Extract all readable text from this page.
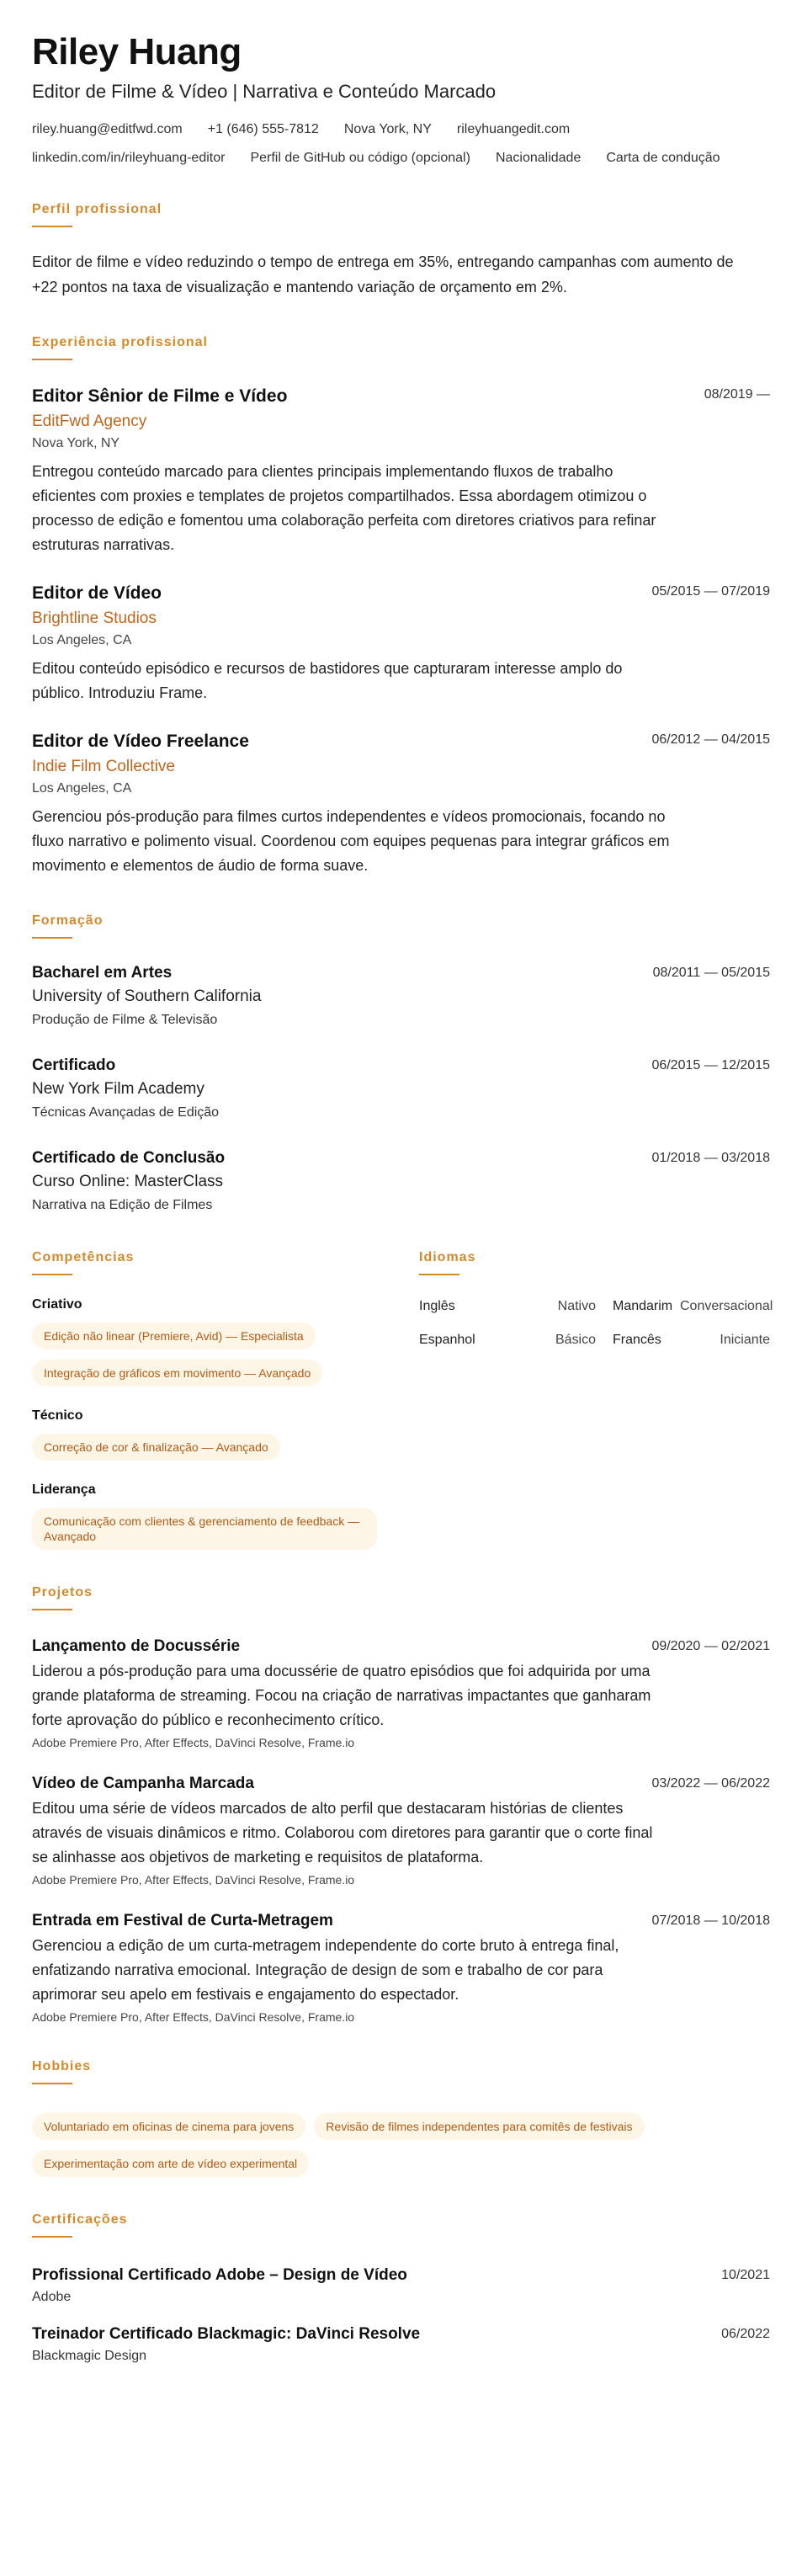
Riley Huang
Editor de Filme & Vídeo | Narrativa e Conteúdo Marcado
riley.huang@editfwd.com +1 (646) 555-7812 Nova York, NY rileyhuangedit.com
linkedin.com/in/rileyhuang-editor Perfil de GitHub ou código (opcional) Nacionalidade Carta de condução
Perfil profissional
Editor de filme e vídeo reduzindo o tempo de entrega em 35%, entregando campanhas com aumento de +22 pontos na taxa de visualização e mantendo variação de orçamento em 2%.
Experiência profissional
Editor Sênior de Filme e Vídeo	08/2019 —
EditFwd Agency
Nova York, NY
Entregou conteúdo marcado para clientes principais implementando fluxos de trabalho eficientes com proxies e templates de projetos compartilhados. Essa abordagem otimizou o processo de edição e fomentou uma colaboração perfeita com diretores criativos para refinar estruturas narrativas.
Editor de Vídeo	05/2015 — 07/2019
Brightline Studios
Los Angeles, CA
Editou conteúdo episódico e recursos de bastidores que capturaram interesse amplo do público. Introduziu Frame.
Editor de Vídeo Freelance	06/2012 — 04/2015
Indie Film Collective
Los Angeles, CA
Gerenciou pós-produção para filmes curtos independentes e vídeos promocionais, focando no fluxo narrativo e polimento visual. Coordenou com equipes pequenas para integrar gráficos em movimento e elementos de áudio de forma suave.
Formação
Bacharel em Artes	08/2011 — 05/2015
University of Southern California
Produção de Filme & Televisão
Certificado	06/2015 — 12/2015
New York Film Academy
Técnicas Avançadas de Edição
Certificado de Conclusão	01/2018 — 03/2018
Curso Online: MasterClass
Narrativa na Edição de Filmes
Competências
Criativo
Edição não linear (Premiere, Avid) — Especialista
Integração de gráficos em movimento — Avançado
Técnico
Correção de cor & finalização — Avançado
Liderança
Comunicação com clientes & gerenciamento de feedback — Avançado
Idiomas
Inglês	Nativo Mandarim Conversacional
Espanhol	Básico Francês	Iniciante
Projetos
Lançamento de Docussérie	09/2020 — 02/2021
Liderou a pós-produção para uma docussérie de quatro episódios que foi adquirida por uma grande plataforma de streaming. Focou na criação de narrativas impactantes que ganharam forte aprovação do público e reconhecimento crítico.
Adobe Premiere Pro, After Effects, DaVinci Resolve, Frame.io
Vídeo de Campanha Marcada	03/2022 — 06/2022
Editou uma série de vídeos marcados de alto perfil que destacaram histórias de clientes através de visuais dinâmicos e ritmo. Colaborou com diretores para garantir que o corte final se alinhasse aos objetivos de marketing e requisitos de plataforma.
Adobe Premiere Pro, After Effects, DaVinci Resolve, Frame.io
Entrada em Festival de Curta-Metragem	07/2018 — 10/2018
Gerenciou a edição de um curta-metragem independente do corte bruto à entrega final, enfatizando narrativa emocional. Integração de design de som e trabalho de cor para aprimorar seu apelo em festivais e engajamento do espectador.
Adobe Premiere Pro, After Effects, DaVinci Resolve, Frame.io
Hobbies
Voluntariado em oficinas de cinema para jovens	Revisão de filmes independentes para comitês de festivais
Experimentação com arte de vídeo experimental
Certificações
Profissional Certificado Adobe – Design de Vídeo	10/2021
Adobe
Treinador Certificado Blackmagic: DaVinci Resolve	06/2022
Blackmagic Design
